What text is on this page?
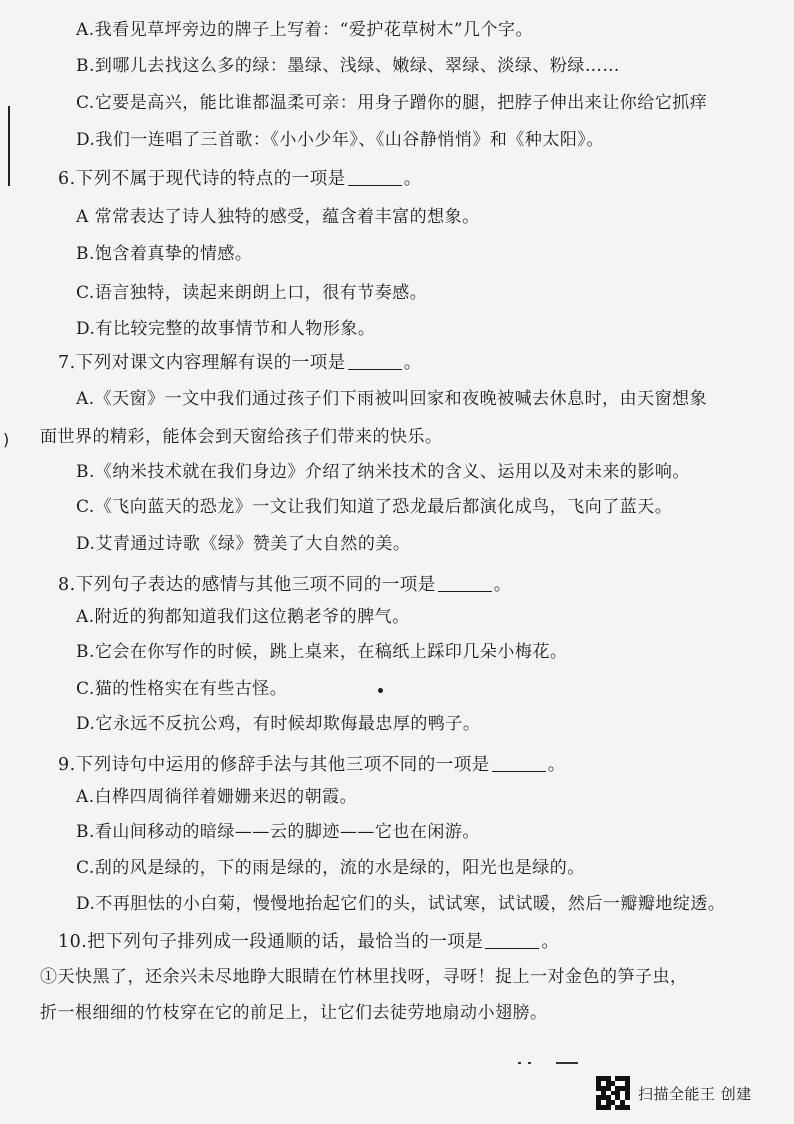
)
A.我看见草坪旁边的牌子上写着：“爱护花草树木”几个字。
B.到哪儿去找这么多的绿：墨绿、浅绿、嫩绿、翠绿、淡绿、粉绿……
C.它要是高兴，能比谁都温柔可亲：用身子蹭你的腿，把脖子伸出来让你给它抓痒
D.我们一连唱了三首歌：《小小少年》、《山谷静悄悄》和《种太阳》。
6.下列不属于现代诗的特点的一项是	。
A 常常表达了诗人独特的感受，蕴含着丰富的想象。
B.饱含着真挚的情感。
C.语言独特，读起来朗朗上口，很有节奏感。
D.有比较完整的故事情节和人物形象。
7.下列对课文内容理解有误的一项是	。
A.《天窗》一文中我们通过孩子们下雨被叫回家和夜晚被喊去休息时，由天窗想象
面世界的精彩，能体会到天窗给孩子们带来的快乐。
B.《纳米技术就在我们身边》介绍了纳米技术的含义、运用以及对未来的影响。
C.《飞向蓝天的恐龙》一文让我们知道了恐龙最后都演化成鸟，飞向了蓝天。
D.艾青通过诗歌《绿》赞美了大自然的美。
8.下列句子表达的感情与其他三项不同的一项是	。
A.附近的狗都知道我们这位鹅老爷的脾气。
B.它会在你写作的时候，跳上桌来，在稿纸上踩印几朵小梅花。
C.猫的性格实在有些古怪。
D.它永远不反抗公鸡，有时候却欺侮最忠厚的鸭子。
9.下列诗句中运用的修辞手法与其他三项不同的一项是	。
A.白桦四周徜徉着姗姗来迟的朝霞。
B.看山间移动的暗绿——云的脚迹——它也在闲游。
C.刮的风是绿的，下的雨是绿的，流的水是绿的，阳光也是绿的。
D.不再胆怯的小白菊，慢慢地抬起它们的头，试试寒，试试暖，然后一瓣瓣地绽透。
10.把下列句子排列成一段通顺的话，最恰当的一项是	。
①天快黑了，还余兴未尽地睁大眼睛在竹林里找呀，寻呀！捉上一对金色的笋子虫，
折一根细细的竹枝穿在它的前足上，让它们去徒劳地扇动小翅膀。
扫描全能王 创建
